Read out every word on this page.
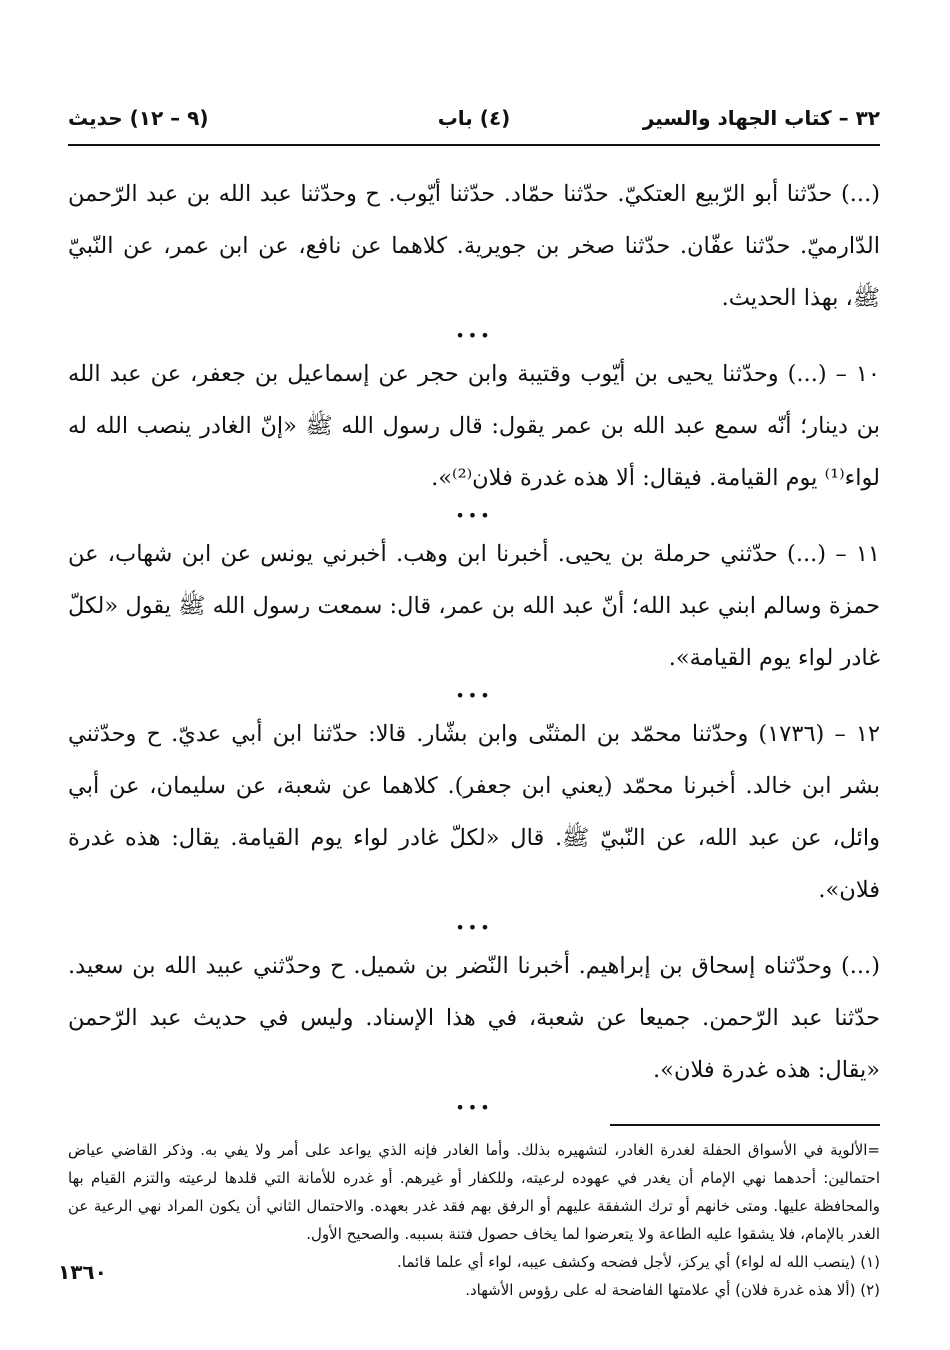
٣٢ – كتاب الجهاد والسير
(٤) باب
(٩ – ١٢) حديث

(...) حدّثنا أبو الرّبيع العتكيّ. حدّثنا حمّاد. حدّثنا أيّوب. ح وحدّثنا عبد الله بن عبد الرّحمن الدّارميّ. حدّثنا عفّان. حدّثنا صخر بن جويرية. كلاهما عن نافع، عن ابن عمر، عن النّبيّ ﷺ، بهذا الحديث.

•••

١٠ – (...) وحدّثنا يحيى بن أيّوب وقتيبة وابن حجر عن إسماعيل بن جعفر، عن عبد الله بن دينار؛ أنّه سمع عبد الله بن عمر يقول: قال رسول الله ﷺ «إنّ الغادر ينصب الله له لواء⁽¹⁾ يوم القيامة. فيقال: ألا هذه غدرة فلان⁽²⁾».

•••

١١ – (...) حدّثني حرملة بن يحيى. أخبرنا ابن وهب. أخبرني يونس عن ابن شهاب، عن حمزة وسالم ابني عبد الله؛ أنّ عبد الله بن عمر، قال: سمعت رسول الله ﷺ يقول «لكلّ غادر لواء يوم القيامة».

•••

١٢ – (١٧٣٦) وحدّثنا محمّد بن المثنّى وابن بشّار. قالا: حدّثنا ابن أبي عديّ. ح وحدّثني بشر ابن خالد. أخبرنا محمّد (يعني ابن جعفر). كلاهما عن شعبة، عن سليمان، عن أبي وائل، عن عبد الله، عن النّبيّ ﷺ. قال «لكلّ غادر لواء يوم القيامة. يقال: هذه غدرة فلان».

•••

(...) وحدّثناه إسحاق بن إبراهيم. أخبرنا النّضر بن شميل. ح وحدّثني عبيد الله بن سعيد. حدّثنا عبد الرّحمن. جميعا عن شعبة، في هذا الإسناد. وليس في حديث عبد الرّحمن «يقال: هذه غدرة فلان».

•••

=الألوية في الأسواق الحفلة لغدرة الغادر، لتشهيره بذلك. وأما الغادر فإنه الذي يواعد على أمر ولا يفي به. وذكر القاضي عياض احتمالين: أحدهما نهي الإمام أن يغدر في عهوده لرعيته، وللكفار أو غيرهم. أو غدره للأمانة التي قلدها لرعيته والتزم القيام بها والمحافظة عليها. ومتى خانهم أو ترك الشفقة عليهم أو الرفق بهم فقد غدر بعهده. والاحتمال الثاني أن يكون المراد نهي الرعية عن الغدر بالإمام، فلا يشقوا عليه الطاعة ولا يتعرضوا لما يخاف حصول فتنة بسببه. والصحيح الأول.

(١) (ينصب الله له لواء) أي يركز، لأجل فضحه وكشف عيبه، لواء أي علما قائما.

(٢) (ألا هذه غدرة فلان) أي علامتها الفاضحة له على رؤوس الأشهاد.

١٣٦٠
